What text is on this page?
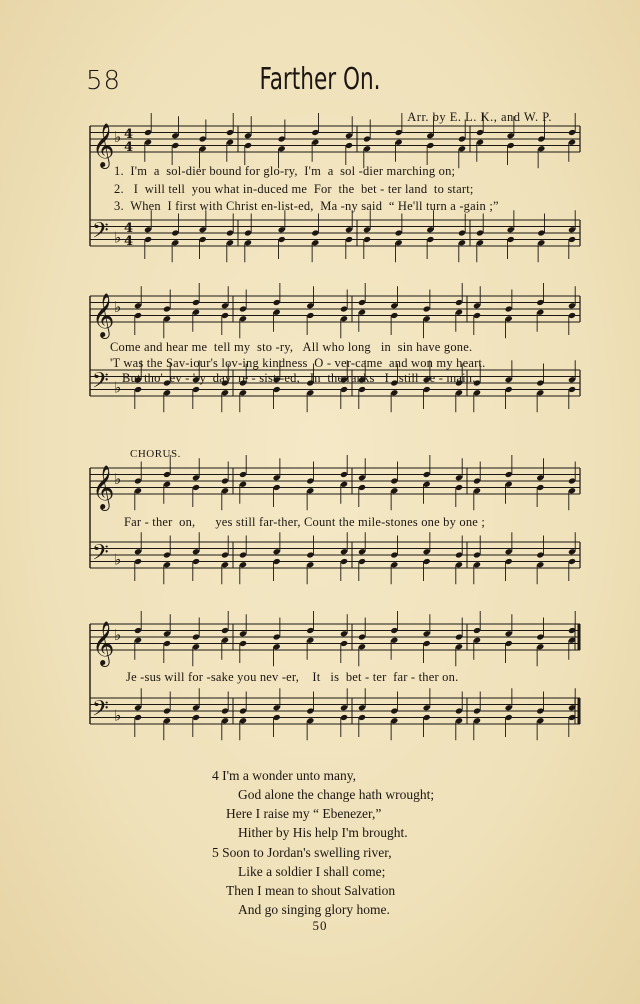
58	Farther On.
Arr. by E. L. K., and W. P.
𝄞 ♭ 4
4
𝄢 ♭ 4
4
𝄞 ♭
𝄢 ♭
𝄞 ♭
𝄢 ♭
𝄞 ♭
𝄢 ♭
1.  I'm  a  sol-dier bound for glo-ry,  I'm  a  sol -dier marching on;
2.   I  will tell  you what in-duced me  For  the  bet - ter land  to start;
3.  When  I first with Christ en-list-ed,  Ma -ny said  “ He'll turn a -gain ;”
Come and hear me  tell my  sto -ry,   All who long   in  sin have gone.
'T was the Sav-iour's lov-ing kindness  O - ver-came  and won my heart.
But tho'  ev - 'ry  day  re - sist -ed,   In  the ranks   I   still  re - main.
CHORUS.
Far - ther  on,      yes still far-ther, Count the mile-stones one by one ;
Je -sus will for -sake you nev -er,    It   is  bet - ter  far - ther on.
4 I'm a wonder unto many,
God alone the change hath wrought;
Here I raise my “ Ebenezer,”
Hither by His help I'm brought.
5 Soon to Jordan's swelling river,
Like a soldier I shall come;
Then I mean to shout Salvation
And go singing glory home.
50
